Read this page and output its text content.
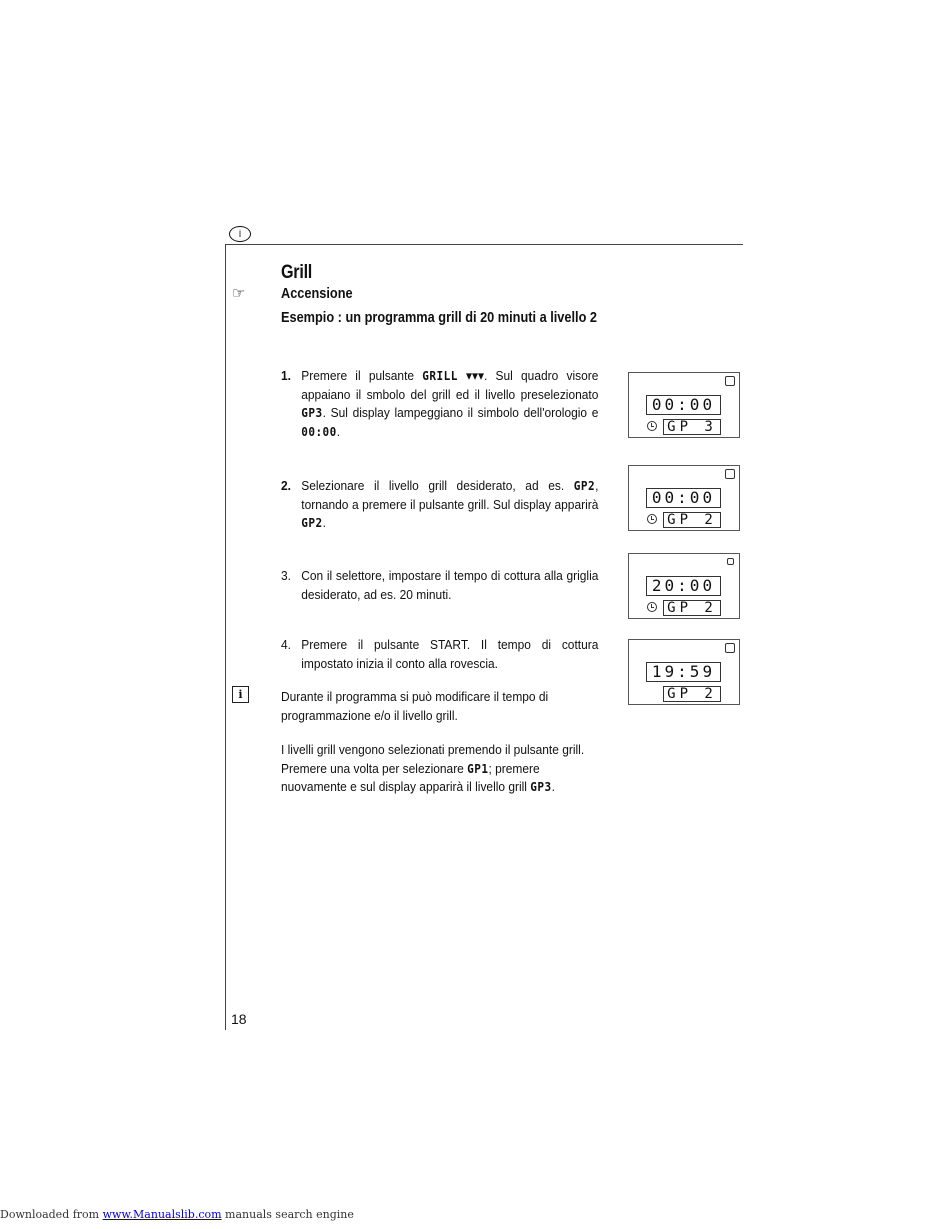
I
☞
Grill
Accensione
Esempio : un programma grill di 20 minuti a livello 2
1. Premere il pulsante GRILL ▾▾▾. Sul quadro visore appaiano il smbolo del grill ed il livello preselezionato GP3. Sul display lampeggiano il simbolo dell'orologio e 00:00.
2. Selezionare il livello grill desiderato, ad es. GP2, tornando a premere il pulsante grill. Sul display apparirà GP2.
3. Con il selettore, impostare il tempo di cottura alla griglia desiderato, ad es. 20 minuti.
4. Premere il pulsante START. Il tempo di cottura impostato inizia il conto alla rovescia.
i	Durante il programma si può modificare il tempo di programmazione e/o il livello grill.
I livelli grill vengono selezionati premendo il pulsante grill.
Premere una volta per selezionare GP1; premere nuovamente e sul display apparirà il livello grill GP3.
00:00
GP 3
00:00
GP 2
20:00
GP 2
19:59
GP 2
18
Downloaded from www.Manualslib.com manuals search engine
